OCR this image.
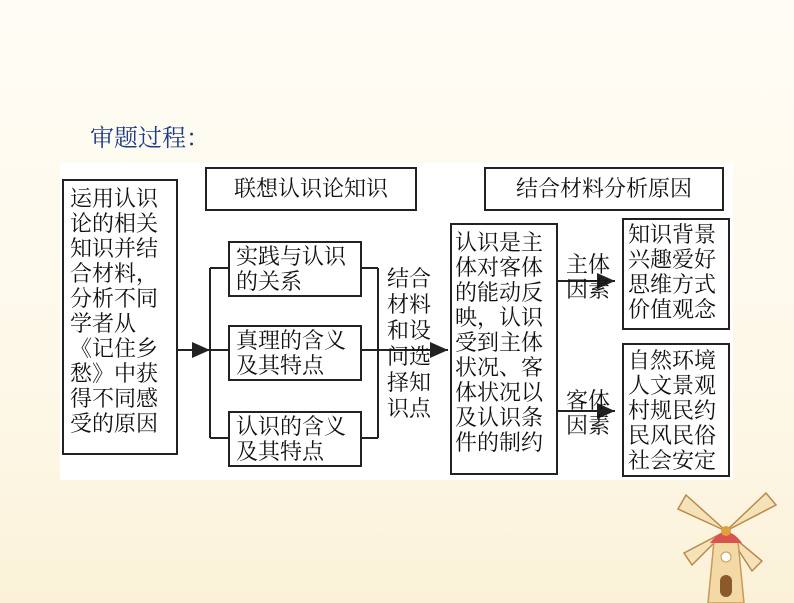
审题过程：
联想认识论知识	结合材料分析原因
运用认识论的相关知识并结合材料，分析不同学者从《记住乡愁》中获得不同感受的原因
实践与认识的关系
真理的含义及其特点
认识的含义及其特点
结合材料和设问选择知识点
认识是主体对客体的能动反映，认识受到主体状况、客体状况以及认识条件的制约
主体因素
客体因素
知识背景兴趣爱好思维方式价值观念
自然环境人文景观村规民约民风民俗社会安定
